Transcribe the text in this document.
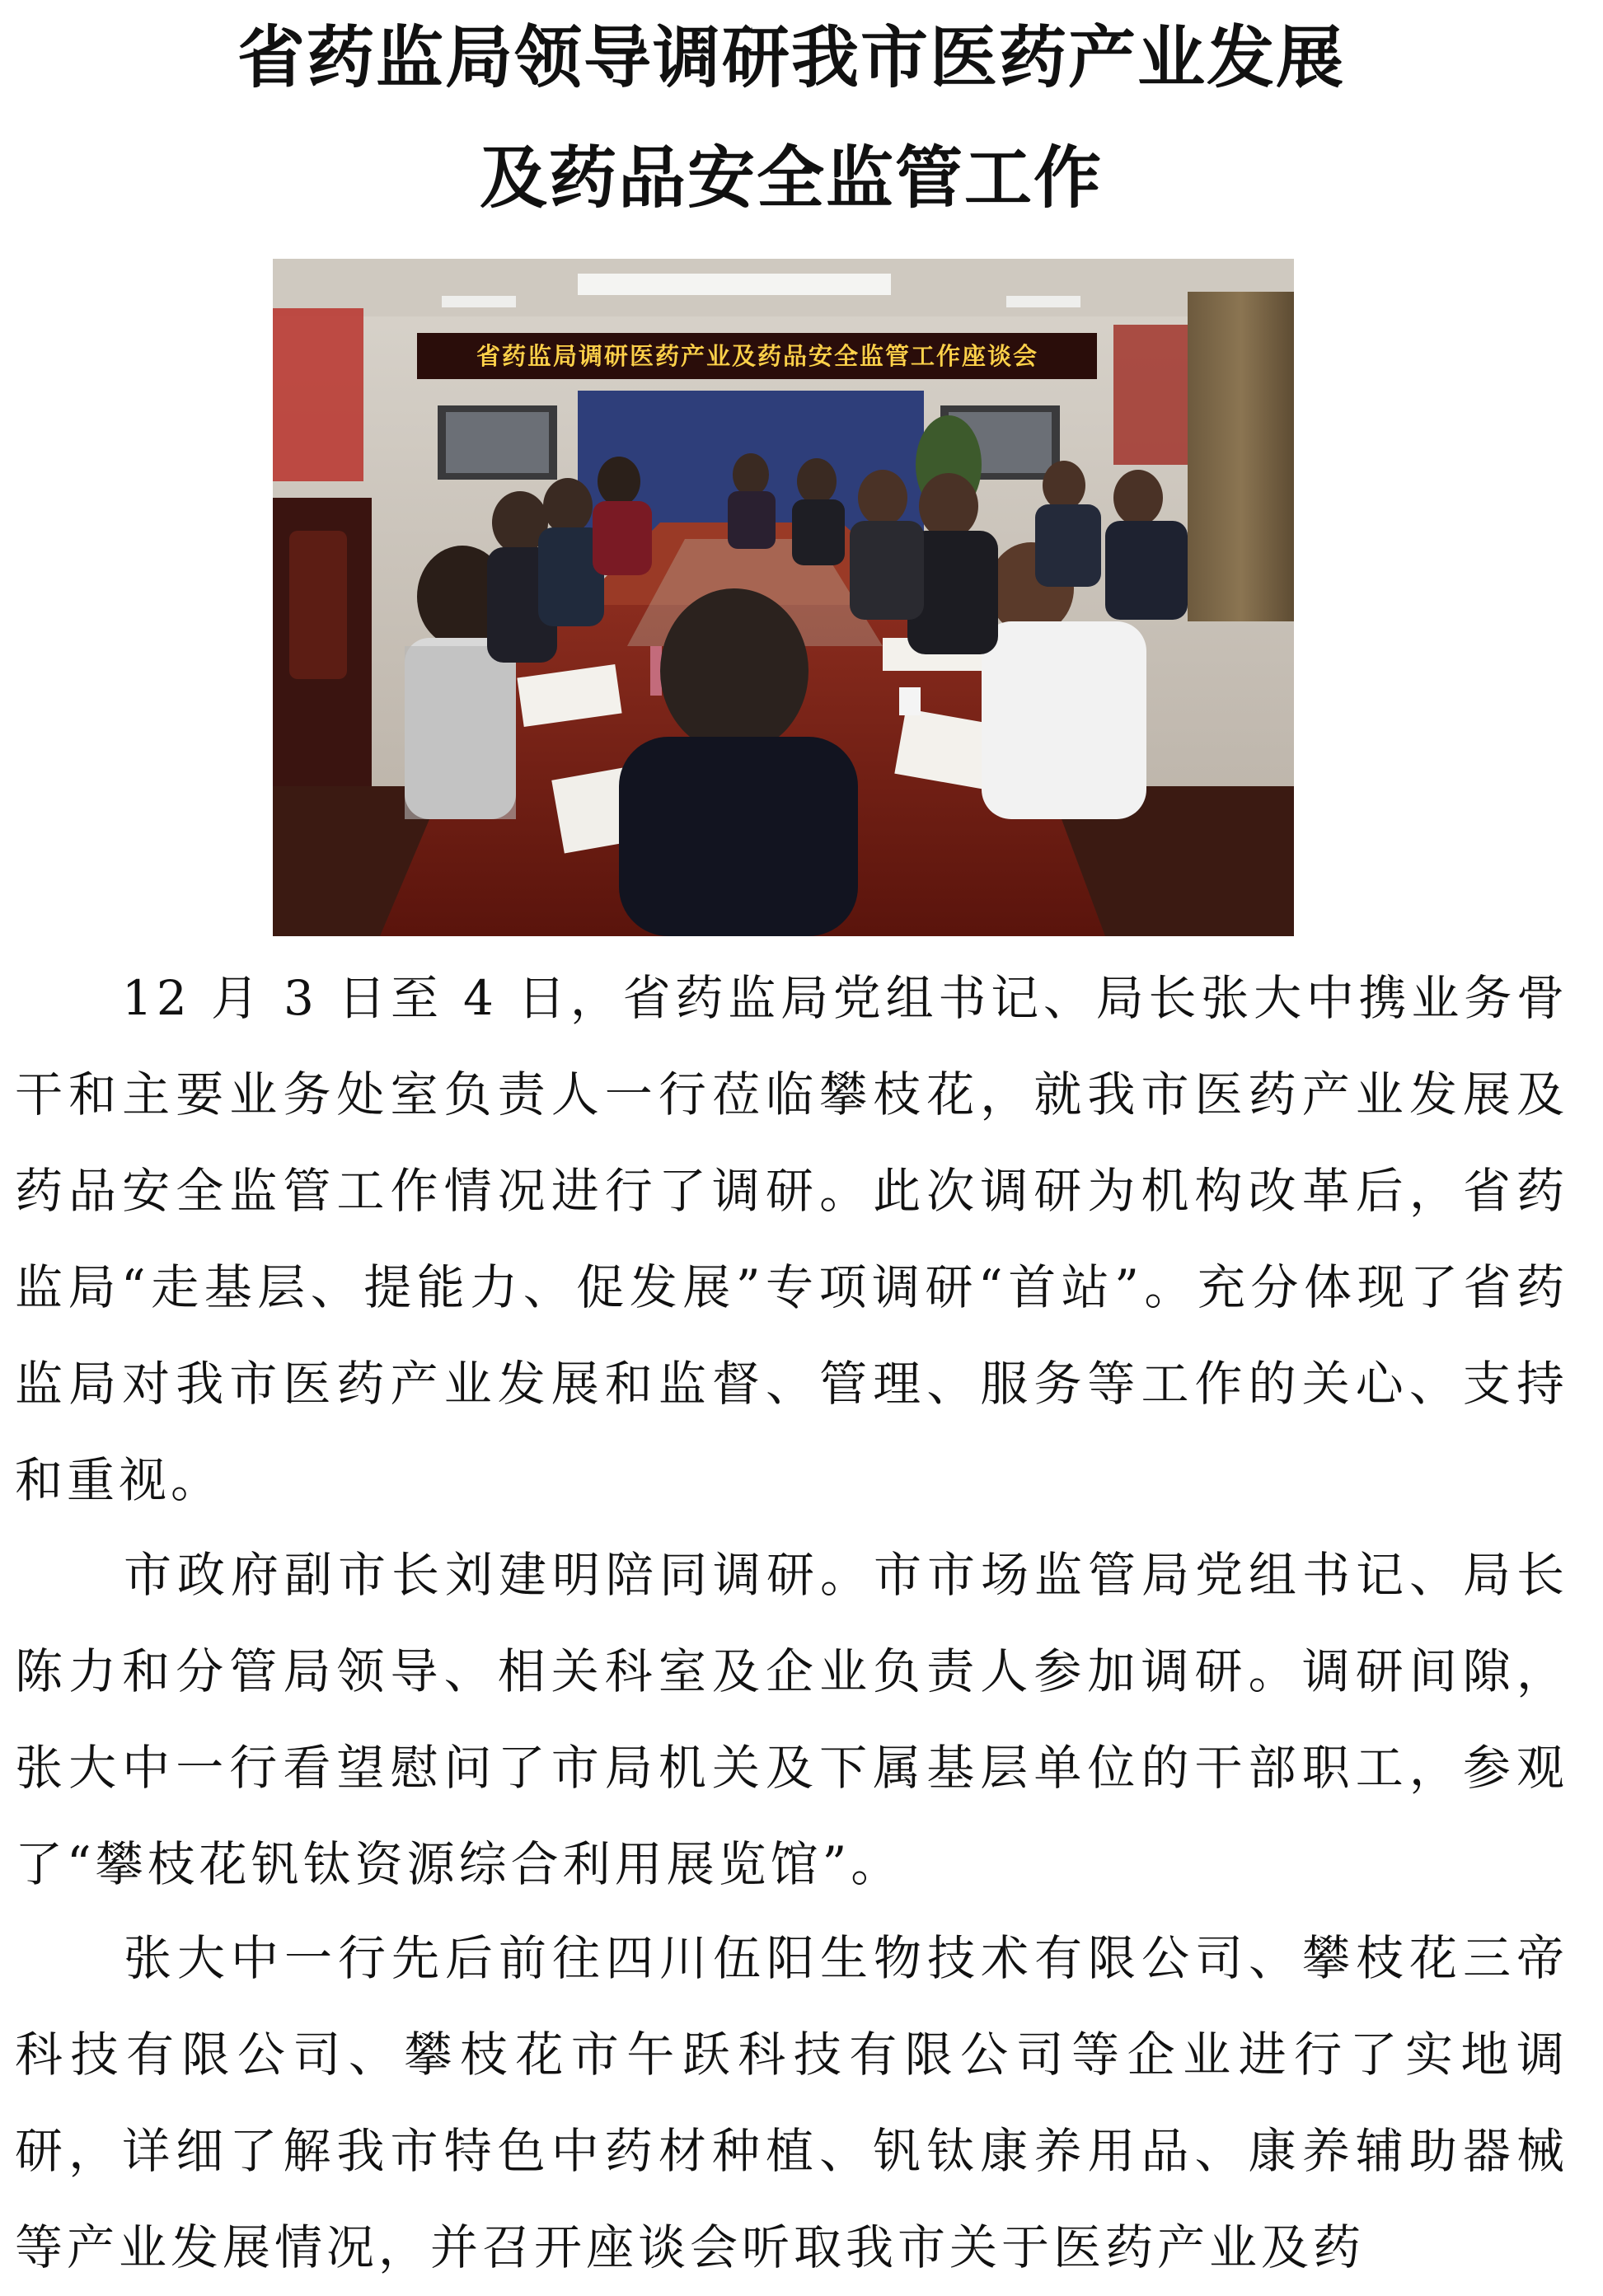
省药监局领导调研我市医药产业发展
及药品安全监管工作
省药监局调研医药产业及药品安全监管工作座谈会

12 月 3 日至 4 日，省药监局党组书记、局长张大中携业务骨干和主要业务处室负责人一行莅临攀枝花，就我市医药产业发展及药品安全监管工作情况进行了调研。此次调研为机构改革后，省药监局“走基层、提能力、促发展”专项调研“首站”。充分体现了省药监局对我市医药产业发展和监督、管理、服务等工作的关心、支持和重视。

市政府副市长刘建明陪同调研。市市场监管局党组书记、局长陈力和分管局领导、相关科室及企业负责人参加调研。调研间隙，张大中一行看望慰问了市局机关及下属基层单位的干部职工，参观了“攀枝花钒钛资源综合利用展览馆”。

张大中一行先后前往四川伍阳生物技术有限公司、攀枝花三帝科技有限公司、攀枝花市午跃科技有限公司等企业进行了实地调研，详细了解我市特色中药材种植、钒钛康养用品、康养辅助器械等产业发展情况，并召开座谈会听取我市关于医药产业及药
